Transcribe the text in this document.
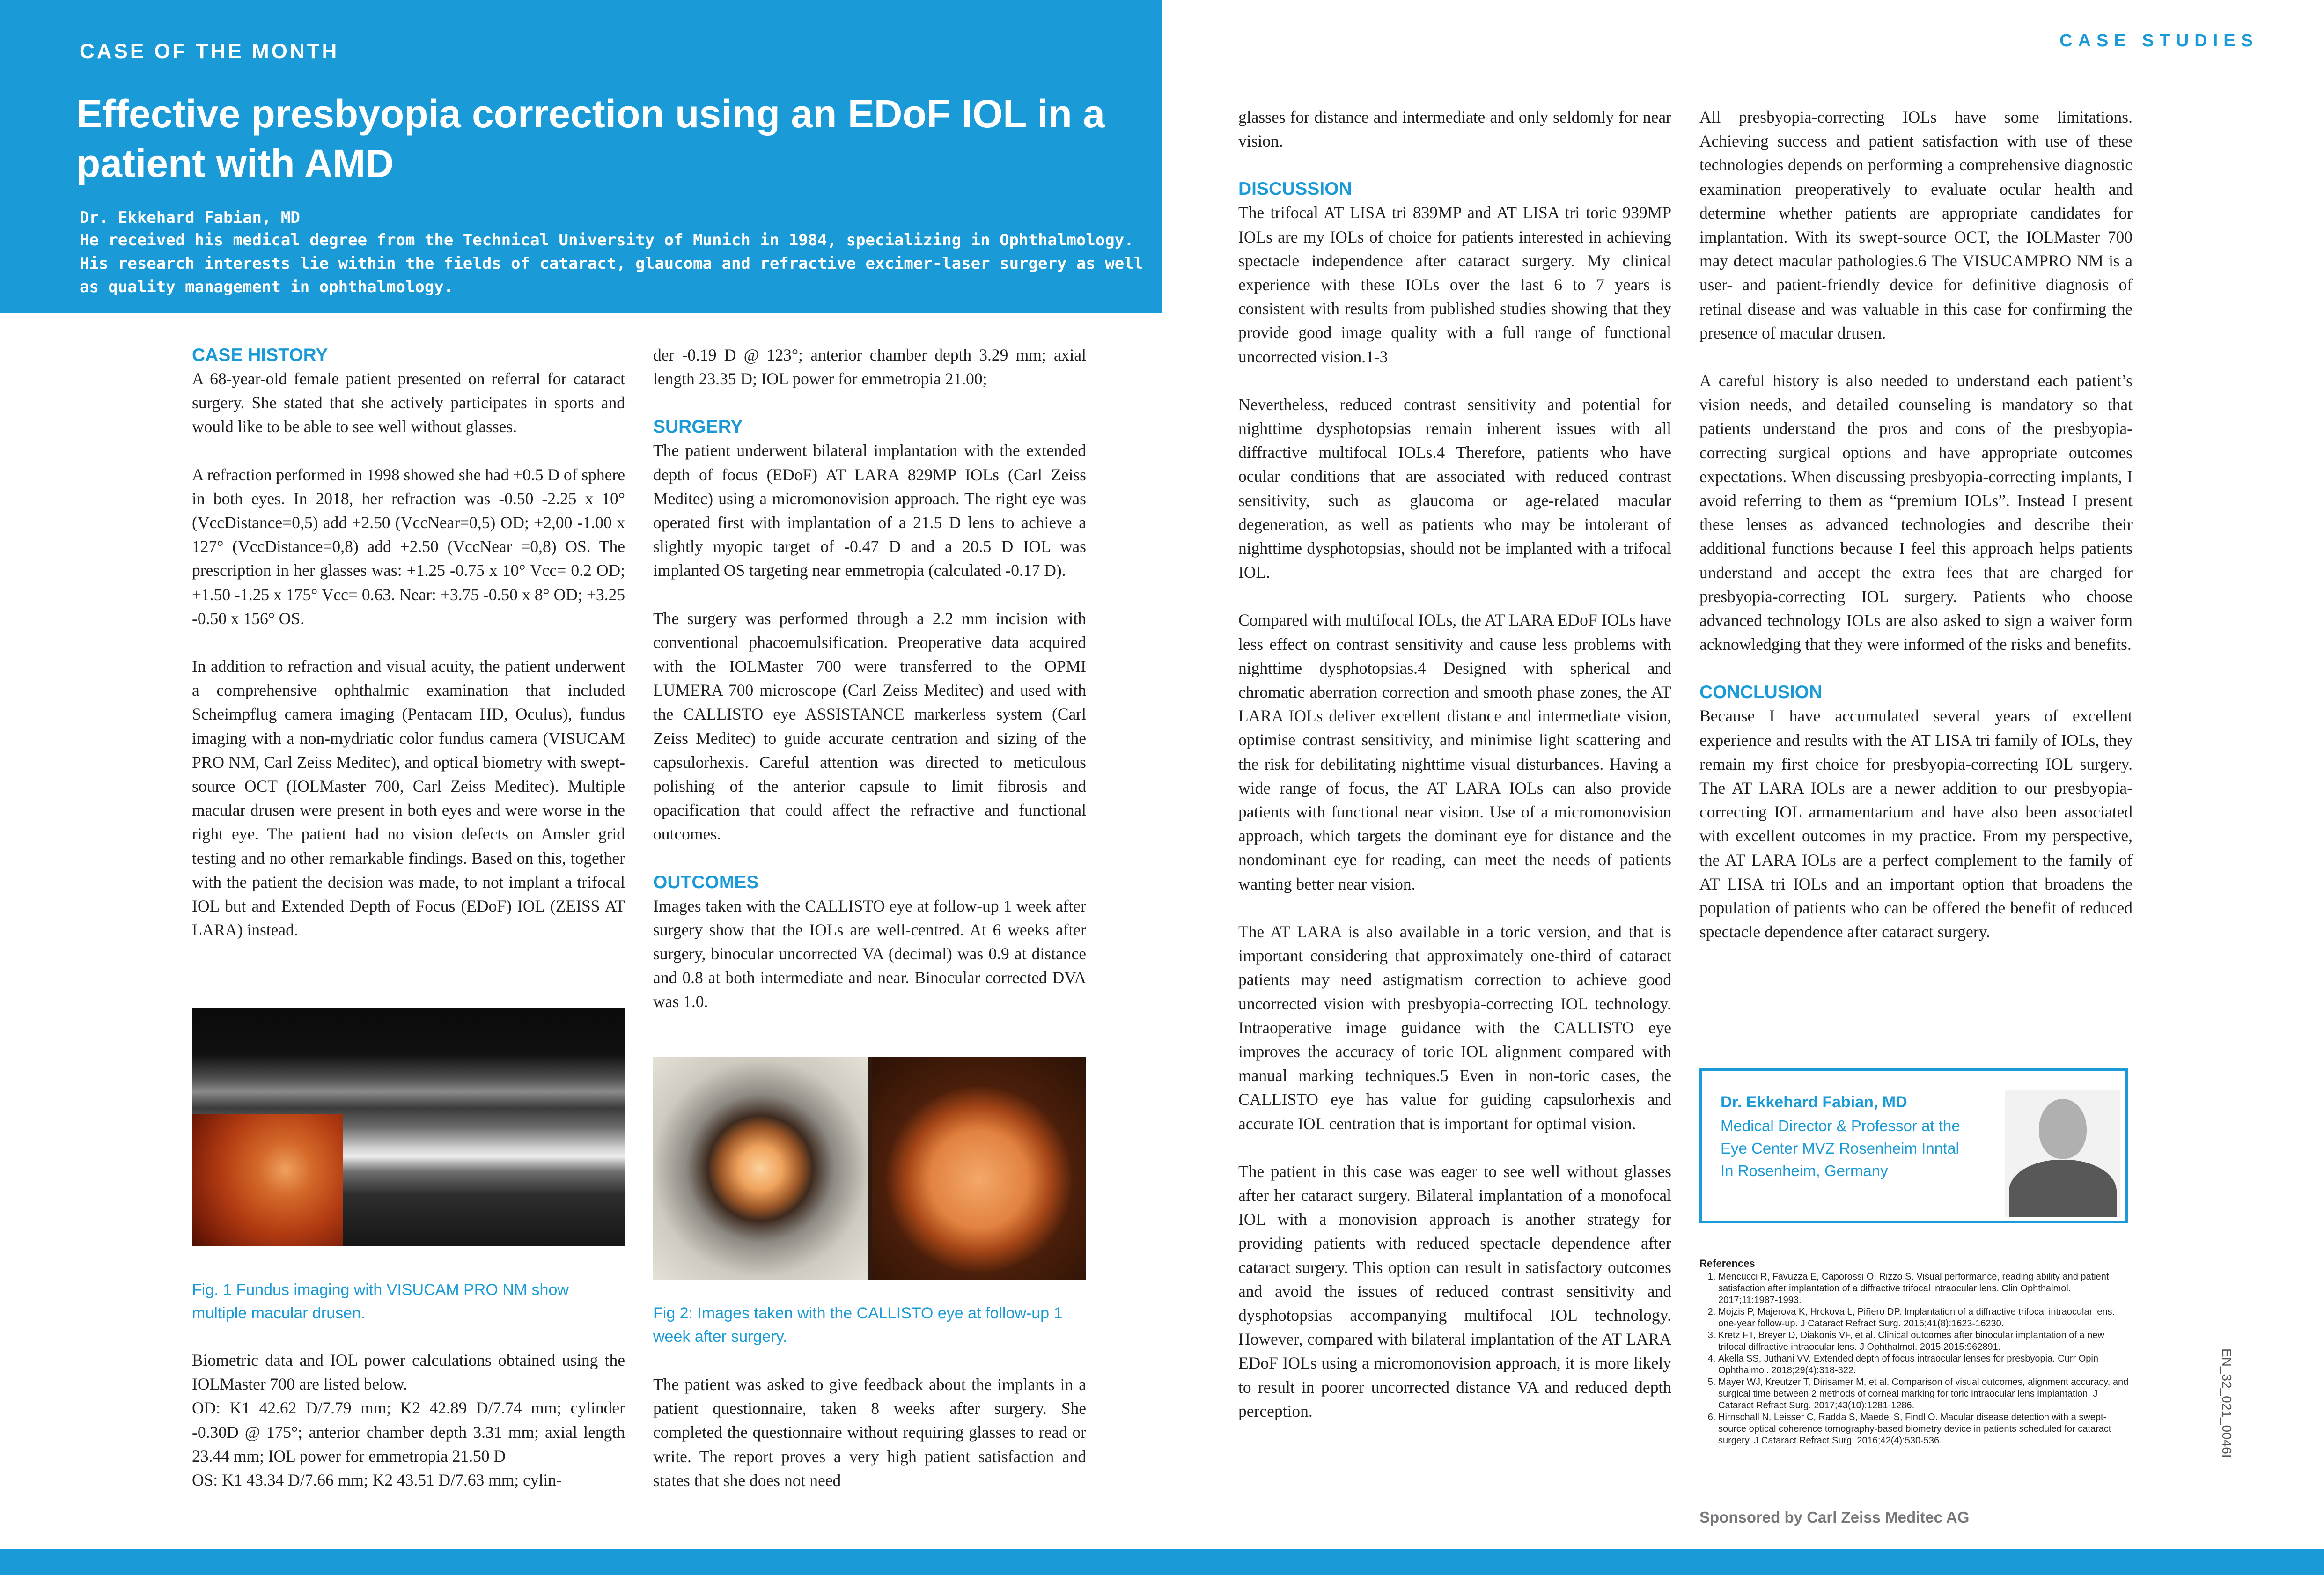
CASE OF THE MONTH
Effective presbyopia correction using an EDoF IOL in a patient with AMD
Dr. Ekkehard Fabian, MD
He received his medical degree from the Technical University of Munich in 1984, specializing in Ophthalmology. His research interests lie within the fields of cataract, glaucoma and refractive excimer-laser surgery as well as quality management in ophthalmology.
CASE STUDIES
CASE HISTORY

A 68-year-old female patient presented on referral for cataract surgery. She stated that she actively participates in sports and would like to be able to see well without glasses.

A refraction performed in 1998 showed she had +0.5 D of sphere in both eyes. In 2018, her refraction was -0.50 -2.25 x 10° (VccDistance=0,5) add +2.50 (VccNear=0,5) OD; +2,00 -1.00 x 127° (VccDistance=0,8) add +2.50 (VccNear =0,8) OS. The prescription in her glasses was: +1.25 -0.75 x 10° Vcc= 0.2 OD; +1.50 -1.25 x 175° Vcc= 0.63. Near: +3.75 -0.50 x 8° OD; +3.25 -0.50 x 156° OS.

In addition to refraction and visual acuity, the patient underwent a comprehensive ophthalmic examination that included Scheimpflug camera imaging (Pentacam HD, Oculus), fundus imaging with a non-mydriatic color fundus camera (VISUCAM PRO NM, Carl Zeiss Meditec), and optical biometry with swept-source OCT (IOLMaster 700, Carl Zeiss Meditec). Multiple macular drusen were present in both eyes and were worse in the right eye. The patient had no vision defects on Amsler grid testing and no other remarkable findings. Based on this, together with the patient the decision was made, to not implant a trifocal IOL but and Extended Depth of Focus (EDoF) IOL (ZEISS AT LARA) instead.

Fig. 1 Fundus imaging with VISUCAM PRO NM show multiple macular drusen.

Biometric data and IOL power calculations obtained using the IOLMaster 700 are listed below.
OD: K1 42.62 D/7.79 mm; K2 42.89 D/7.74 mm; cylinder -0.30D @ 175°; anterior chamber depth 3.31 mm; axial length 23.44 mm; IOL power for emmetropia 21.50 D
OS: K1 43.34 D/7.66 mm; K2 43.51 D/7.63 mm; cylin-

der -0.19 D @ 123°; anterior chamber depth 3.29 mm; axial length 23.35 D; IOL power for emmetropia 21.00;

SURGERY

The patient underwent bilateral implantation with the extended depth of focus (EDoF) AT LARA 829MP IOLs (Carl Zeiss Meditec) using a micromonovision approach. The right eye was operated first with implantation of a 21.5 D lens to achieve a slightly myopic target of -0.47 D and a 20.5 D IOL was implanted OS targeting near emmetropia (calculated -0.17 D).

The surgery was performed through a 2.2 mm incision with conventional phacoemulsification. Preoperative data acquired with the IOLMaster 700 were transferred to the OPMI LUMERA 700 microscope (Carl Zeiss Meditec) and used with the CALLISTO eye ASSISTANCE markerless system (Carl Zeiss Meditec) to guide accurate centration and sizing of the capsulorhexis. Careful attention was directed to meticulous polishing of the anterior capsule to limit fibrosis and opacification that could affect the refractive and functional outcomes.

OUTCOMES

Images taken with the CALLISTO eye at follow-up 1 week after surgery show that the IOLs are well-centred. At 6 weeks after surgery, binocular uncorrected VA (decimal) was 0.9 at distance and 0.8 at both intermediate and near. Binocular corrected DVA was 1.0.

Fig 2: Images taken with the CALLISTO eye at follow-up 1 week after surgery.

The patient was asked to give feedback about the implants in a patient questionnaire, taken 8 weeks after surgery. She completed the questionnaire without requiring glasses to read or write. The report proves a very high patient satisfaction and states that she does not need

glasses for distance and intermediate and only seldomly for near vision.

DISCUSSION

The trifocal AT LISA tri 839MP and AT LISA tri toric 939MP IOLs are my IOLs of choice for patients interested in achieving spectacle independence after cataract surgery. My clinical experience with these IOLs over the last 6 to 7 years is consistent with results from published studies showing that they provide good image quality with a full range of functional uncorrected vision.1-3

Nevertheless, reduced contrast sensitivity and potential for nighttime dysphotopsias remain inherent issues with all diffractive multifocal IOLs.4 Therefore, patients who have ocular conditions that are associated with reduced contrast sensitivity, such as glaucoma or age-related macular degeneration, as well as patients who may be intolerant of nighttime dysphotopsias, should not be implanted with a trifocal IOL.

Compared with multifocal IOLs, the AT LARA EDoF IOLs have less effect on contrast sensitivity and cause less problems with nighttime dysphotopsias.4 Designed with spherical and chromatic aberration correction and smooth phase zones, the AT LARA IOLs deliver excellent distance and intermediate vision, optimise contrast sensitivity, and minimise light scattering and the risk for debilitating nighttime visual disturbances. Having a wide range of focus, the AT LARA IOLs can also provide patients with functional near vision. Use of a micromonovision approach, which targets the dominant eye for distance and the nondominant eye for reading, can meet the needs of patients wanting better near vision.

The AT LARA is also available in a toric version, and that is important considering that approximately one-third of cataract patients may need astigmatism correction to achieve good uncorrected vision with presbyopia-correcting IOL technology. Intraoperative image guidance with the CALLISTO eye improves the accuracy of toric IOL alignment compared with manual marking techniques.5 Even in non-toric cases, the CALLISTO eye has value for guiding capsulorhexis and accurate IOL centration that is important for optimal vision.

The patient in this case was eager to see well without glasses after her cataract surgery. Bilateral implantation of a monofocal IOL with a monovision approach is another strategy for providing patients with reduced spectacle dependence after cataract surgery. This option can result in satisfactory outcomes and avoid the issues of reduced contrast sensitivity and dysphotopsias accompanying multifocal IOL technology. However, compared with bilateral implantation of the AT LARA EDoF IOLs using a micromonovision approach, it is more likely to result in poorer uncorrected distance VA and reduced depth perception.

All presbyopia-correcting IOLs have some limitations. Achieving success and patient satisfaction with use of these technologies depends on performing a comprehensive diagnostic examination preoperatively to evaluate ocular health and determine whether patients are appropriate candidates for implantation. With its swept-source OCT, the IOLMaster 700 may detect macular pathologies.6 The VISUCAMPRO NM is a user- and patient-friendly device for definitive diagnosis of retinal disease and was valuable in this case for confirming the presence of macular drusen.

A careful history is also needed to understand each patient’s vision needs, and detailed counseling is mandatory so that patients understand the pros and cons of the presbyopia-correcting surgical options and have appropriate outcomes expectations. When discussing presbyopia-correcting implants, I avoid referring to them as “premium IOLs”. Instead I present these lenses as advanced technologies and describe their additional functions because I feel this approach helps patients understand and accept the extra fees that are charged for presbyopia-correcting IOL surgery. Patients who choose advanced technology IOLs are also asked to sign a waiver form acknowledging that they were informed of the risks and benefits.

CONCLUSION

Because I have accumulated several years of excellent experience and results with the AT LISA tri family of IOLs, they remain my first choice for presbyopia-correcting IOL surgery. The AT LARA IOLs are a newer addition to our presbyopia-correcting IOL armamentarium and have also been associated with excellent outcomes in my practice. From my perspective, the AT LARA IOLs are a perfect complement to the family of AT LISA tri IOLs and an important option that broadens the population of patients who can be offered the benefit of reduced spectacle dependence after cataract surgery.

Dr. Ekkehard Fabian, MD
Medical Director & Professor at the
Eye Center MVZ Rosenheim Inntal
In Rosenheim, Germany
References
1. Mencucci R, Favuzza E, Caporossi O, Rizzo S. Visual performance, reading ability and patient satisfaction after implantation of a diffractive trifocal intraocular lens. Clin Ophthalmol. 2017;11:1987-1993.
2. Mojzis P, Majerova K, Hrckova L, Piñero DP. Implantation of a diffractive trifocal intraocular lens: one-year follow-up. J Cataract Refract Surg. 2015;41(8):1623-16230.
3. Kretz FT, Breyer D, Diakonis VF, et al. Clinical outcomes after binocular implantation of a new trifocal diffractive intraocular lens. J Ophthalmol. 2015;2015:962891.
4. Akella SS, Juthani VV. Extended depth of focus intraocular lenses for presbyopia. Curr Opin Ophthalmol. 2018;29(4):318-322.
5. Mayer WJ, Kreutzer T, Dirisamer M, et al. Comparison of visual outcomes, alignment accuracy, and surgical time between 2 methods of corneal marking for toric intraocular lens implantation. J Cataract Refract Surg. 2017;43(10):1281-1286.
6. Hirnschall N, Leisser C, Radda S, Maedel S, Findl O. Macular disease detection with a swept-source optical coherence tomography-based biometry device in patients scheduled for cataract surgery. J Cataract Refract Surg. 2016;42(4):530-536.
Sponsored by Carl Zeiss Meditec AG
EN_32_021_0046I
